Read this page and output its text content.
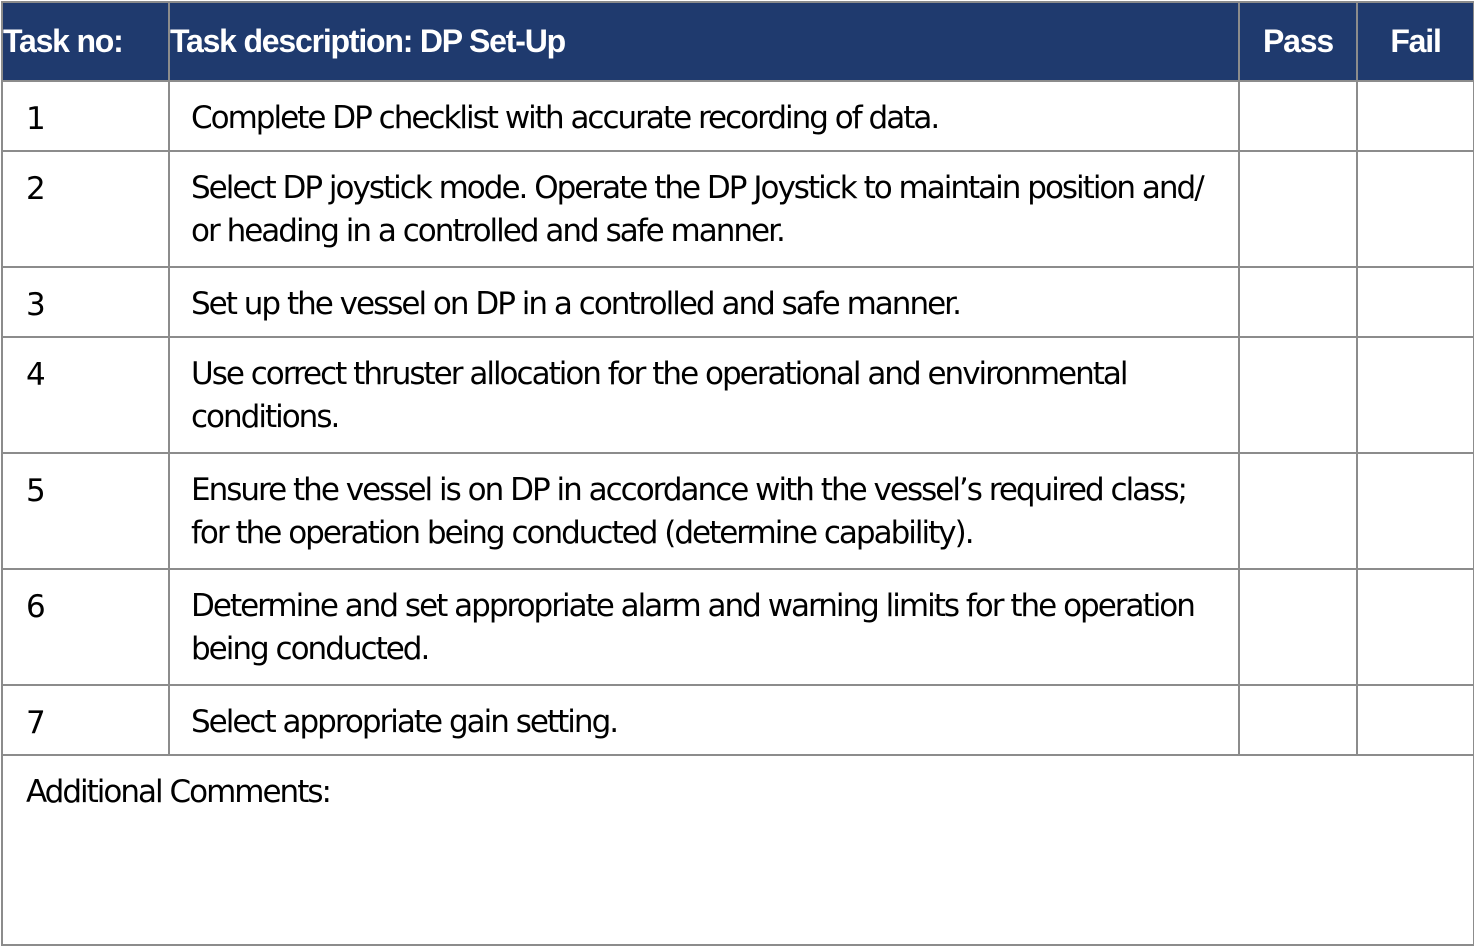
Task no:	Task description: DP Set-Up	Pass	Fail
1	Complete DP checklist with accurate recording of data.		
2	Select DP joystick mode. Operate the DP Joystick to maintain position and/ or heading in a controlled and safe manner.		
3	Set up the vessel on DP in a controlled and safe manner.		
4	Use correct thruster allocation for the operational and environmental conditions.		
5	Ensure the vessel is on DP in accordance with the vessel’s required class; for the operation being conducted (determine capability).		
6	Determine and set appropriate alarm and warning limits for the operation being conducted.		
7	Select appropriate gain setting.		
Additional Comments:			
